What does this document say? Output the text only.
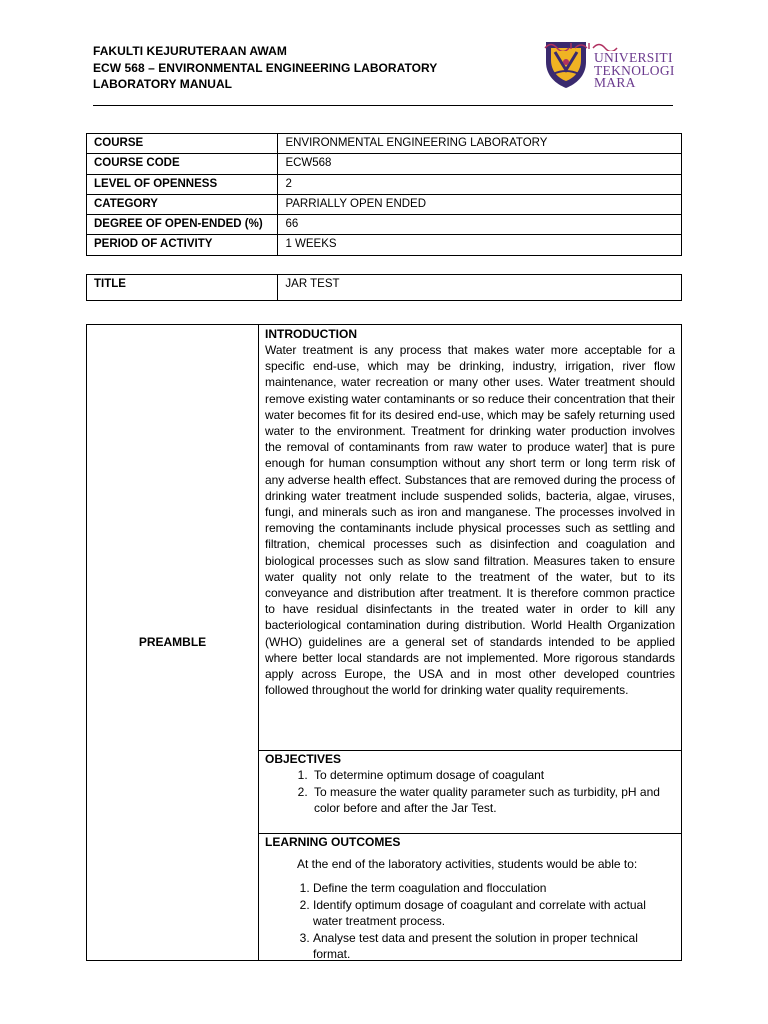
FAKULTI KEJURUTERAAN AWAM
ECW 568 – ENVIRONMENTAL ENGINEERING LABORATORY
LABORATORY MANUAL
UNIVERSITI
TEKNOLOGI
MARA
COURSE	ENVIRONMENTAL ENGINEERING LABORATORY
COURSE CODE	ECW568
LEVEL OF OPENNESS	2
CATEGORY	PARRIALLY OPEN ENDED
DEGREE OF OPEN-ENDED (%)	66
PERIOD OF ACTIVITY	1 WEEKS
TITLE	JAR TEST
PREAMBLE
INTRODUCTION
Water treatment is any process that makes water more acceptable for a specific end-use, which may be drinking, industry, irrigation, river flow maintenance, water recreation or many other uses. Water treatment should remove existing water contaminants or so reduce their concentration that their water becomes fit for its desired end-use, which may be safely returning used water to the environment. Treatment for drinking water production involves the removal of contaminants from raw water to produce water] that is pure enough for human consumption without any short term or long term risk of any adverse health effect. Substances that are removed during the process of drinking water treatment include suspended solids, bacteria, algae, viruses, fungi, and minerals such as iron and manganese. The processes involved in removing the contaminants include physical processes such as settling and filtration, chemical processes such as disinfection and coagulation and biological processes such as slow sand filtration. Measures taken to ensure water quality not only relate to the treatment of the water, but to its conveyance and distribution after treatment. It is therefore common practice to have residual disinfectants in the treated water in order to kill any bacteriological contamination during distribution. World Health Organization (WHO) guidelines are a general set of standards intended to be applied where better local standards are not implemented. More rigorous standards apply across Europe, the USA and in most other developed countries followed throughout the world for drinking water quality requirements.
OBJECTIVES
1. To determine optimum dosage of coagulant
2. To measure the water quality parameter such as turbidity, pH and color before and after the Jar Test.
LEARNING OUTCOMES
At the end of the laboratory activities, students would be able to:
1. Define the term coagulation and flocculation
2. Identify optimum dosage of coagulant and correlate with actual water treatment process.
3. Analyse test data and present the solution in proper technical format.
